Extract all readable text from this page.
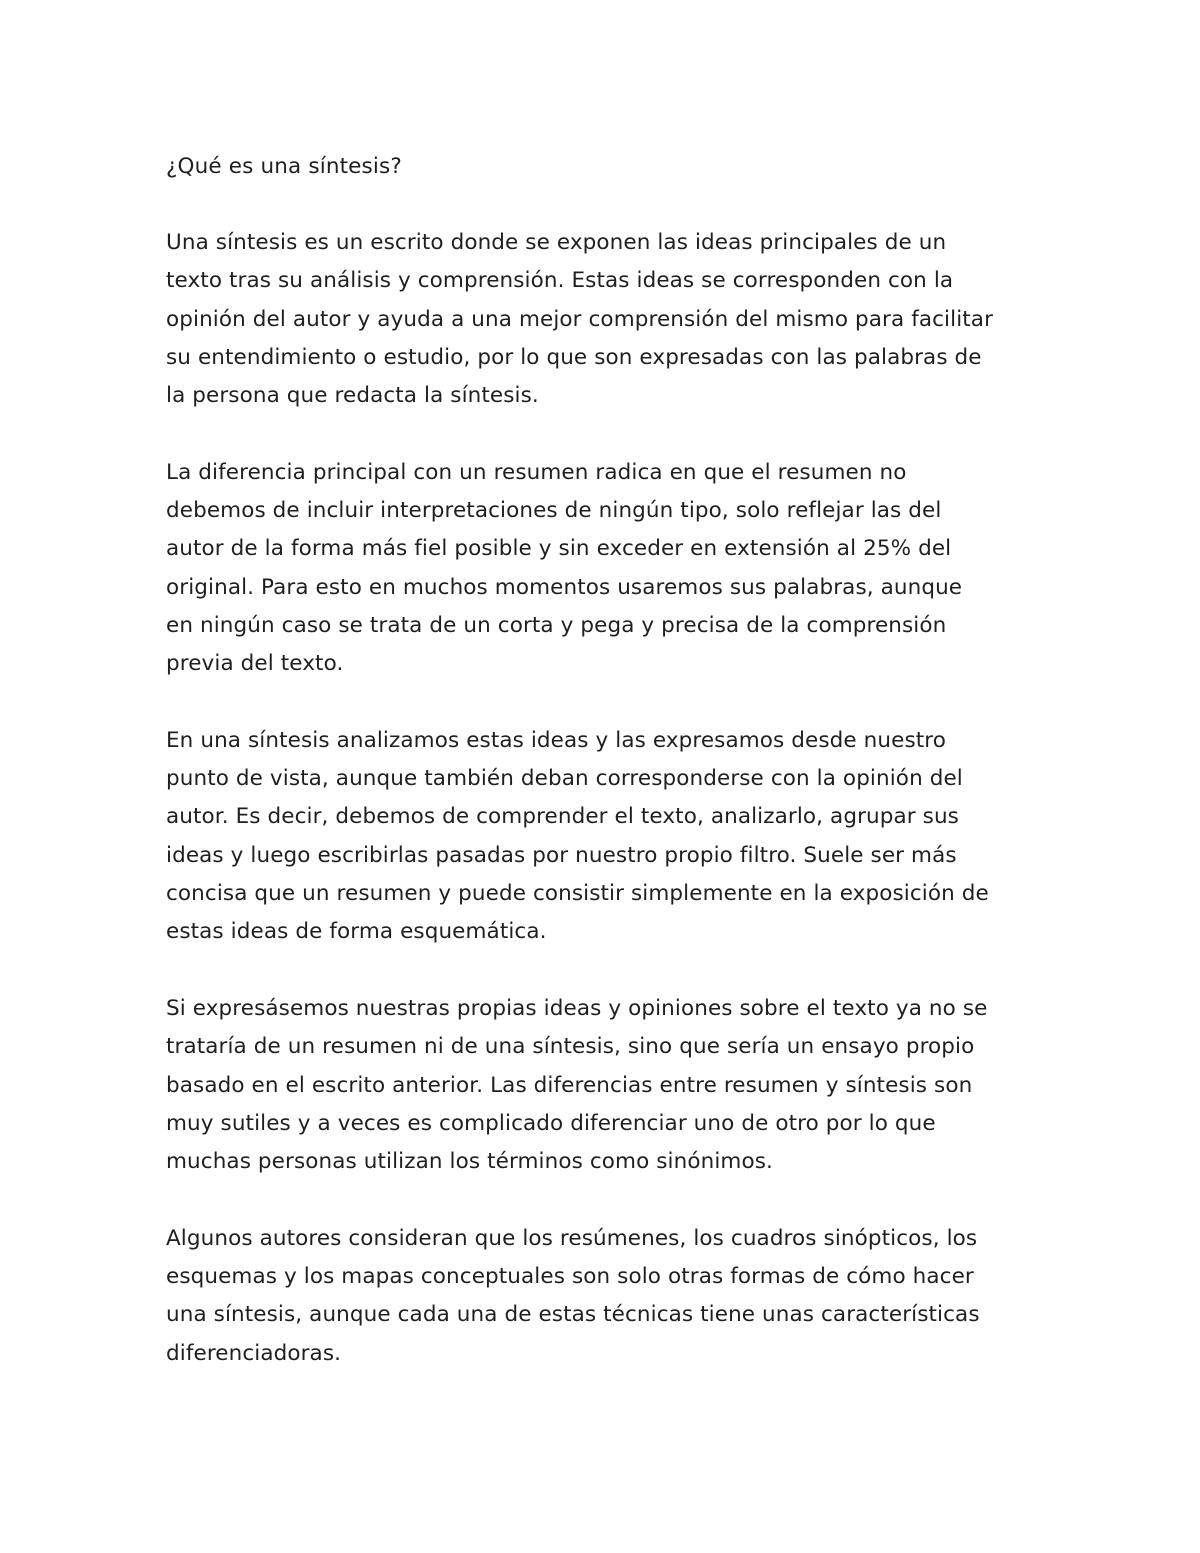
¿Qué es una síntesis?
Una síntesis es un escrito donde se exponen las ideas principales de un
texto tras su análisis y comprensión. Estas ideas se corresponden con la
opinión del autor y ayuda a una mejor comprensión del mismo para facilitar
su entendimiento o estudio, por lo que son expresadas con las palabras de
la persona que redacta la síntesis.
La diferencia principal con un resumen radica en que el resumen no
debemos de incluir interpretaciones de ningún tipo, solo reflejar las del
autor de la forma más fiel posible y sin exceder en extensión al 25% del
original. Para esto en muchos momentos usaremos sus palabras, aunque
en ningún caso se trata de un corta y pega y precisa de la comprensión
previa del texto.
En una síntesis analizamos estas ideas y las expresamos desde nuestro
punto de vista, aunque también deban corresponderse con la opinión del
autor. Es decir, debemos de comprender el texto, analizarlo, agrupar sus
ideas y luego escribirlas pasadas por nuestro propio filtro. Suele ser más
concisa que un resumen y puede consistir simplemente en la exposición de
estas ideas de forma esquemática.
Si expresásemos nuestras propias ideas y opiniones sobre el texto ya no se
trataría de un resumen ni de una síntesis, sino que sería un ensayo propio
basado en el escrito anterior. Las diferencias entre resumen y síntesis son
muy sutiles y a veces es complicado diferenciar uno de otro por lo que
muchas personas utilizan los términos como sinónimos.
Algunos autores consideran que los resúmenes, los cuadros sinópticos, los
esquemas y los mapas conceptuales son solo otras formas de cómo hacer
una síntesis, aunque cada una de estas técnicas tiene unas características
diferenciadoras.
